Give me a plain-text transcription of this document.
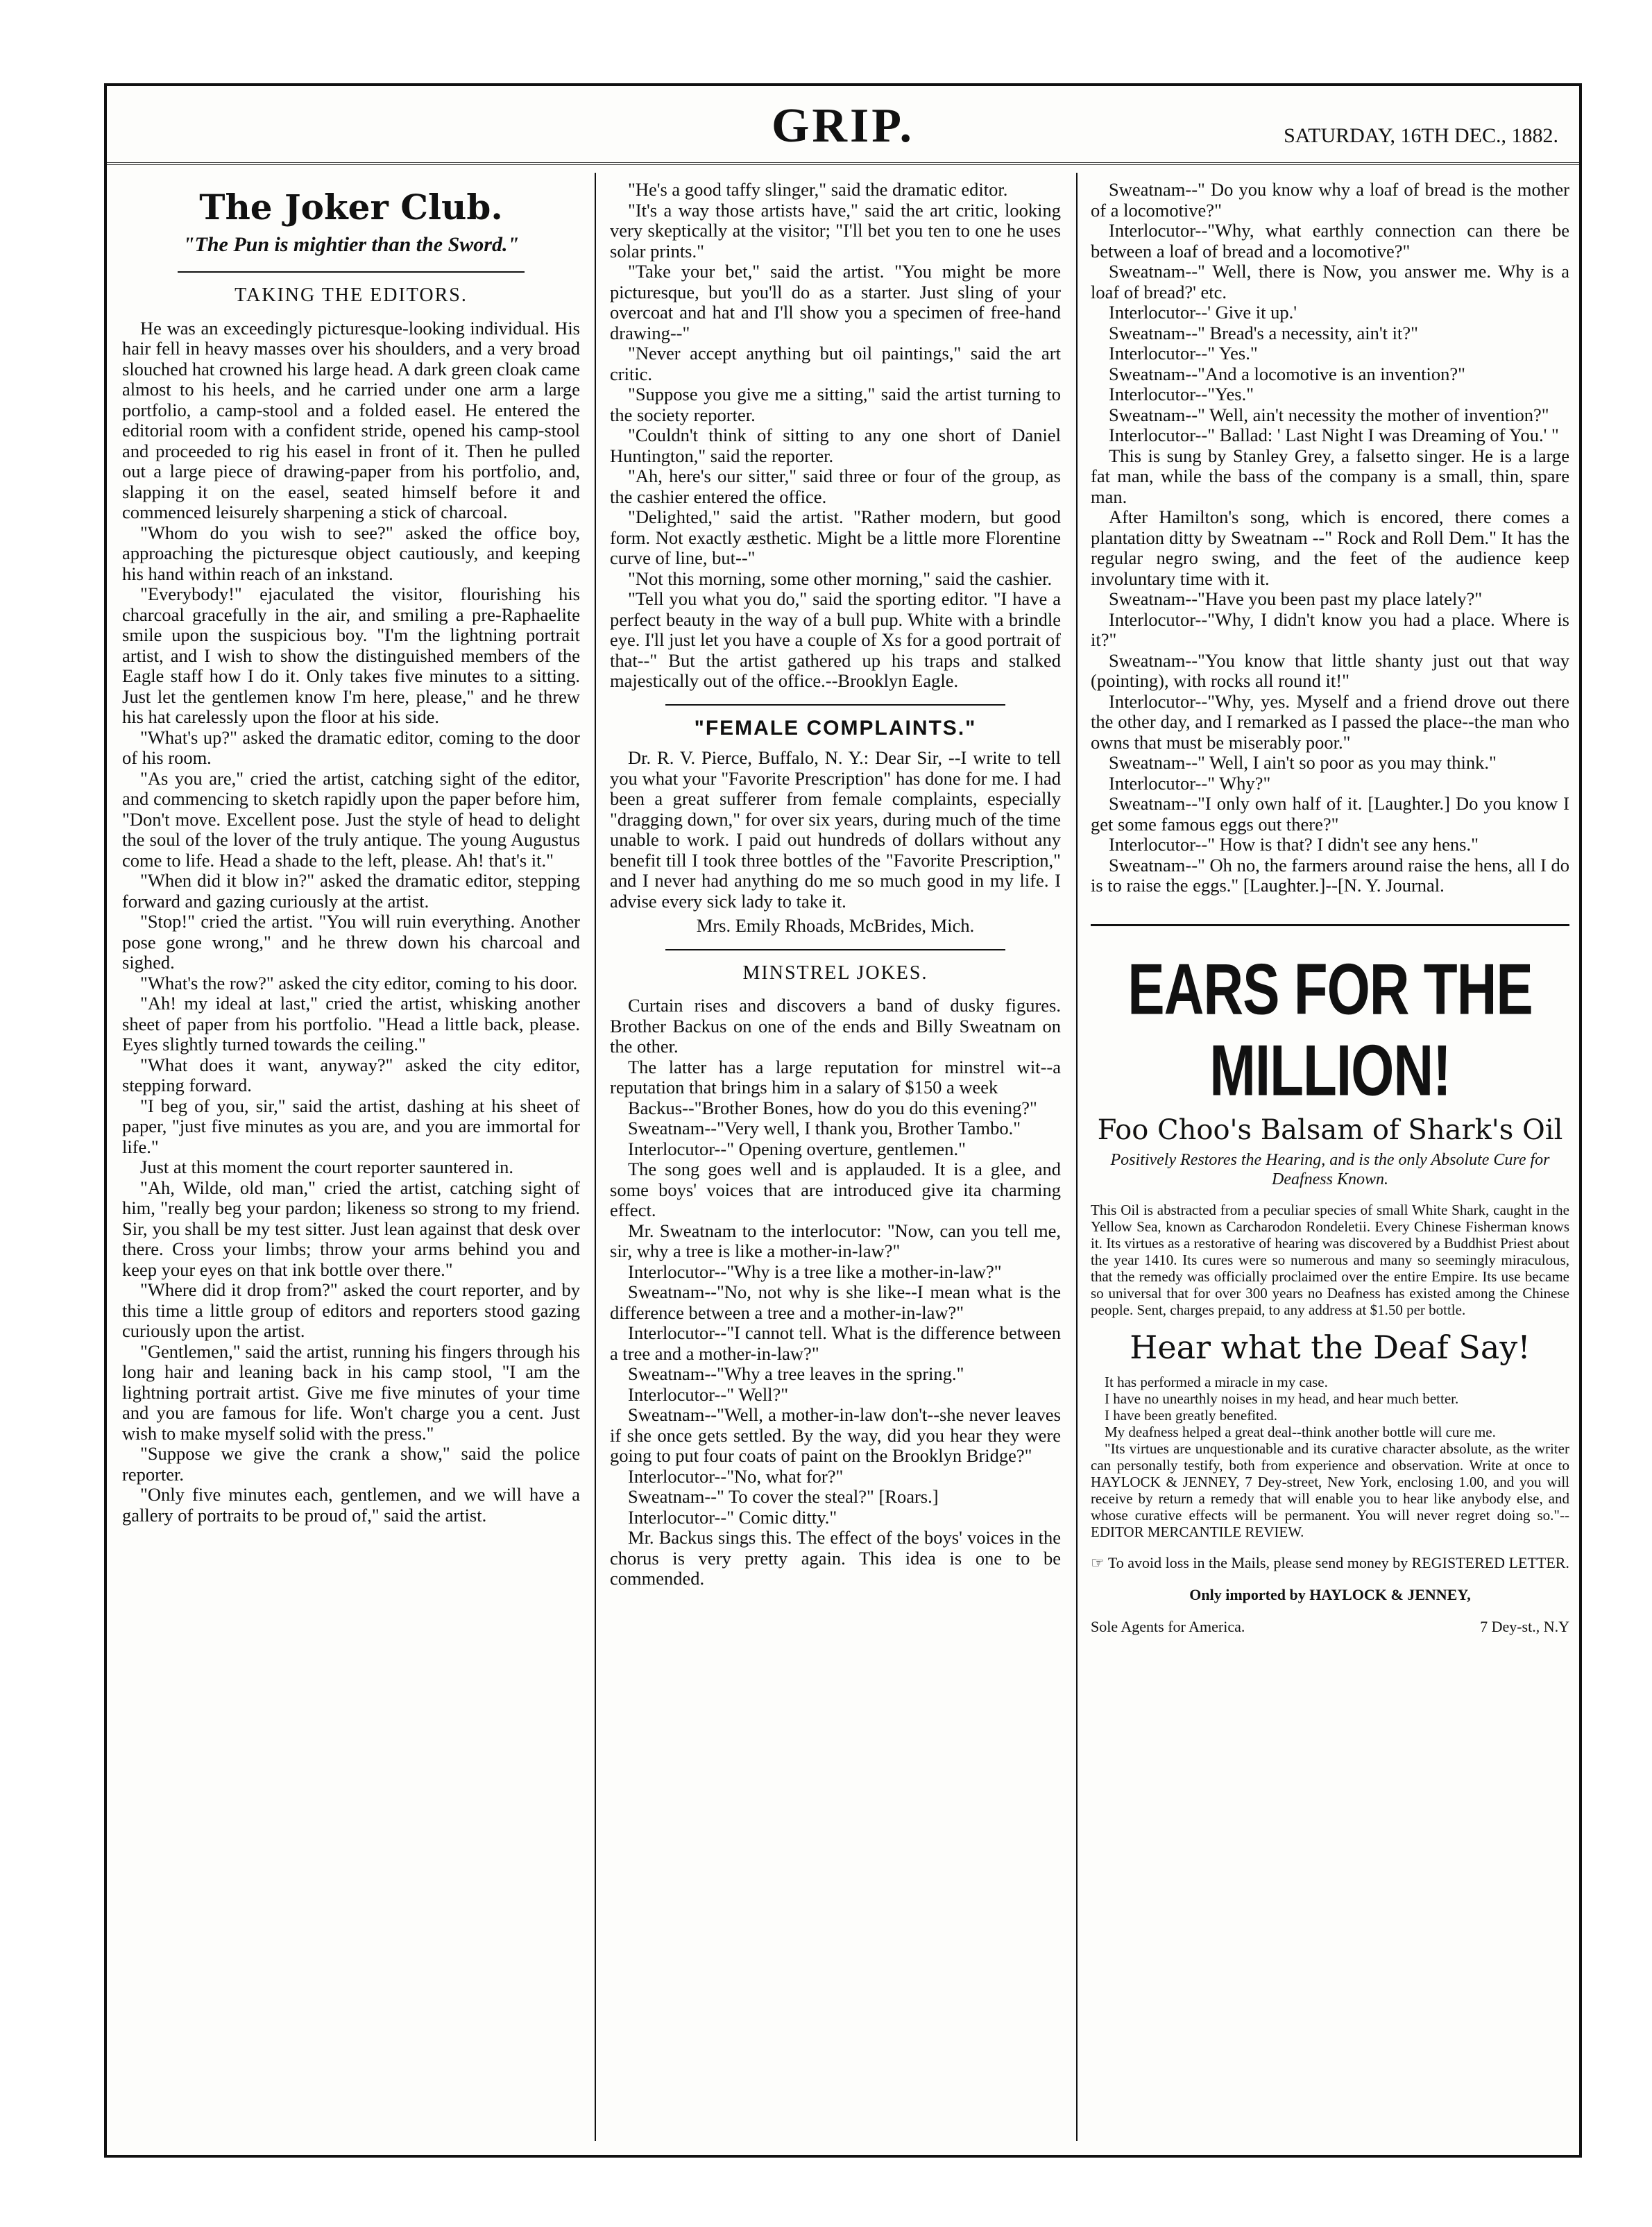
GRIP.	SATURDAY, 16TH DEC., 1882.
The Joker Club.
"The Pun is mightier than the Sword."
TAKING THE EDITORS.

He was an exceedingly picturesque-looking individual. His hair fell in heavy masses over his shoulders, and a very broad slouched hat crowned his large head. A dark green cloak came almost to his heels, and he carried under one arm a large portfolio, a camp-stool and a folded easel. He entered the editorial room with a confident stride, opened his camp-stool and proceeded to rig his easel in front of it. Then he pulled out a large piece of drawing-paper from his portfolio, and, slapping it on the easel, seated himself before it and commenced leisurely sharpening a stick of charcoal.

"Whom do you wish to see?" asked the office boy, approaching the picturesque object cautiously, and keeping his hand within reach of an inkstand.

"Everybody!" ejaculated the visitor, flourishing his charcoal gracefully in the air, and smiling a pre-Raphaelite smile upon the suspicious boy. "I'm the lightning portrait artist, and I wish to show the distinguished members of the Eagle staff how I do it. Only takes five minutes to a sitting. Just let the gentlemen know I'm here, please," and he threw his hat carelessly upon the floor at his side.

"What's up?" asked the dramatic editor, coming to the door of his room.

"As you are," cried the artist, catching sight of the editor, and commencing to sketch rapidly upon the paper before him, "Don't move. Excellent pose. Just the style of head to delight the soul of the lover of the truly antique. The young Augustus come to life. Head a shade to the left, please. Ah! that's it."

"When did it blow in?" asked the dramatic editor, stepping forward and gazing curiously at the artist.

"Stop!" cried the artist. "You will ruin everything. Another pose gone wrong," and he threw down his charcoal and sighed.

"What's the row?" asked the city editor, coming to his door.

"Ah! my ideal at last," cried the artist, whisking another sheet of paper from his portfolio. "Head a little back, please. Eyes slightly turned towards the ceiling."

"What does it want, anyway?" asked the city editor, stepping forward.

"I beg of you, sir," said the artist, dashing at his sheet of paper, "just five minutes as you are, and you are immortal for life."

Just at this moment the court reporter sauntered in.

"Ah, Wilde, old man," cried the artist, catching sight of him, "really beg your pardon; likeness so strong to my friend. Sir, you shall be my test sitter. Just lean against that desk over there. Cross your limbs; throw your arms behind you and keep your eyes on that ink bottle over there."

"Where did it drop from?" asked the court reporter, and by this time a little group of editors and reporters stood gazing curiously upon the artist.

"Gentlemen," said the artist, running his fingers through his long hair and leaning back in his camp stool, "I am the lightning portrait artist. Give me five minutes of your time and you are famous for life. Won't charge you a cent. Just wish to make myself solid with the press."

"Suppose we give the crank a show," said the police reporter.

"Only five minutes each, gentlemen, and we will have a gallery of portraits to be proud of," said the artist.

"He's a good taffy slinger," said the dramatic editor.

"It's a way those artists have," said the art critic, looking very skeptically at the visitor; "I'll bet you ten to one he uses solar prints."

"Take your bet," said the artist. "You might be more picturesque, but you'll do as a starter. Just sling of your overcoat and hat and I'll show you a specimen of free-hand drawing--"

"Never accept anything but oil paintings," said the art critic.

"Suppose you give me a sitting," said the artist turning to the society reporter.

"Couldn't think of sitting to any one short of Daniel Huntington," said the reporter.

"Ah, here's our sitter," said three or four of the group, as the cashier entered the office.

"Delighted," said the artist. "Rather modern, but good form. Not exactly æsthetic. Might be a little more Florentine curve of line, but--"

"Not this morning, some other morning," said the cashier.

"Tell you what you do," said the sporting editor. "I have a perfect beauty in the way of a bull pup. White with a brindle eye. I'll just let you have a couple of Xs for a good portrait of that--" But the artist gathered up his traps and stalked majestically out of the office.--Brooklyn Eagle.

"FEMALE COMPLAINTS."

Dr. R. V. Pierce, Buffalo, N. Y.: Dear Sir, --I write to tell you what your "Favorite Prescription" has done for me. I had been a great sufferer from female complaints, especially "dragging down," for over six years, during much of the time unable to work. I paid out hundreds of dollars without any benefit till I took three bottles of the "Favorite Prescription," and I never had anything do me so much good in my life. I advise every sick lady to take it.

Mrs. Emily Rhoads, McBrides, Mich.
MINSTREL JOKES.

Curtain rises and discovers a band of dusky figures. Brother Backus on one of the ends and Billy Sweatnam on the other.

The latter has a large reputation for minstrel wit--a reputation that brings him in a salary of $150 a week

Backus--"Brother Bones, how do you do this evening?"

Sweatnam--"Very well, I thank you, Brother Tambo."

Interlocutor--" Opening overture, gentlemen."

The song goes well and is applauded. It is a glee, and some boys' voices that are introduced give ita charming effect.

Mr. Sweatnam to the interlocutor: "Now, can you tell me, sir, why a tree is like a mother-in-law?"

Interlocutor--"Why is a tree like a mother-in-law?"

Sweatnam--"No, not why is she like--I mean what is the difference between a tree and a mother-in-law?"

Interlocutor--"I cannot tell. What is the difference between a tree and a mother-in-law?"

Sweatnam--"Why a tree leaves in the spring."

Interlocutor--" Well?"

Sweatnam--"Well, a mother-in-law don't--she never leaves if she once gets settled. By the way, did you hear they were going to put four coats of paint on the Brooklyn Bridge?"

Interlocutor--"No, what for?"

Sweatnam--" To cover the steal?" [Roars.]

Interlocutor--" Comic ditty."

Mr. Backus sings this. The effect of the boys' voices in the chorus is very pretty again. This idea is one to be commended.

Sweatnam--" Do you know why a loaf of bread is the mother of a locomotive?"

Interlocutor--"Why, what earthly connection can there be between a loaf of bread and a locomotive?"

Sweatnam--" Well, there is Now, you answer me. Why is a loaf of bread?' etc.

Interlocutor--' Give it up.'

Sweatnam--" Bread's a necessity, ain't it?"

Interlocutor--" Yes."

Sweatnam--"And a locomotive is an invention?"

Interlocutor--"Yes."

Sweatnam--" Well, ain't necessity the mother of invention?"

Interlocutor--" Ballad: ' Last Night I was Dreaming of You.' "

This is sung by Stanley Grey, a falsetto singer. He is a large fat man, while the bass of the company is a small, thin, spare man.

After Hamilton's song, which is encored, there comes a plantation ditty by Sweatnam --" Rock and Roll Dem." It has the regular negro swing, and the feet of the audience keep involuntary time with it.

Sweatnam--"Have you been past my place lately?"

Interlocutor--"Why, I didn't know you had a place. Where is it?"

Sweatnam--"You know that little shanty just out that way (pointing), with rocks all round it!"

Interlocutor--"Why, yes. Myself and a friend drove out there the other day, and I remarked as I passed the place--the man who owns that must be miserably poor."

Sweatnam--" Well, I ain't so poor as you may think."

Interlocutor--" Why?"

Sweatnam--"I only own half of it. [Laughter.] Do you know I get some famous eggs out there?"

Interlocutor--" How is that? I didn't see any hens."

Sweatnam--" Oh no, the farmers around raise the hens, all I do is to raise the eggs." [Laughter.]--[N. Y. Journal.

EARS FOR THE MILLION!
Foo Choo's Balsam of Shark's Oil
Positively Restores the Hearing, and is the only Absolute Cure for Deafness Known.
This Oil is abstracted from a peculiar species of small White Shark, caught in the Yellow Sea, known as Carcharodon Rondeletii. Every Chinese Fisherman knows it. Its virtues as a restorative of hearing was discovered by a Buddhist Priest about the year 1410. Its cures were so numerous and many so seemingly miraculous, that the remedy was officially proclaimed over the entire Empire. Its use became so universal that for over 300 years no Deafness has existed among the Chinese people. Sent, charges prepaid, to any address at $1.50 per bottle.
Hear what the Deaf Say!
It has performed a miracle in my case.
I have no unearthly noises in my head, and hear much better.
I have been greatly benefited.
My deafness helped a great deal--think another bottle will cure me.
"Its virtues are unquestionable and its curative character absolute, as the writer can personally testify, both from experience and observation. Write at once to HAYLOCK & JENNEY, 7 Dey-street, New York, enclosing 1.00, and you will receive by return a remedy that will enable you to hear like anybody else, and whose curative effects will be permanent. You will never regret doing so."--EDITOR MERCANTILE REVIEW.
☞ To avoid loss in the Mails, please send money by REGISTERED LETTER.
Only imported by HAYLOCK & JENNEY,
Sole Agents for America.	7 Dey-st., N.Y
